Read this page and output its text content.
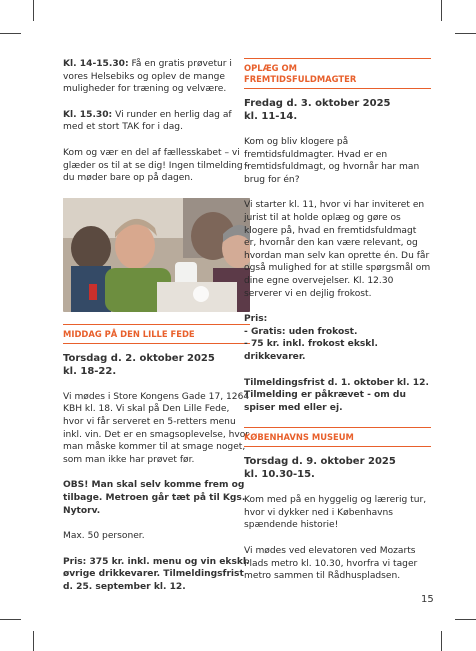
Kl. 14-15.30: Få en gratis prøvetur i vores Helsebiks og oplev de mange muligheder for træning og velvære.

Kl. 15.30: Vi runder en herlig dag af med et stort TAK for i dag.

Kom og vær en del af fællesskabet – vi glæder os til at se dig! Ingen tilmelding - du møder bare op på dagen.

MIDDAG PÅ DEN LILLE FEDE
Torsdag d. 2. oktober 2025
kl. 18-22.

Vi mødes i Store Kongens Gade 17, 1264 KBH kl. 18. Vi skal på Den Lille Fede, hvor vi får serveret en 5-retters menu inkl. vin. Det er en smagsoplevelse, hvor man måske kommer til at smage noget, som man ikke har prøvet før.

OBS! Man skal selv komme frem og tilbage. Metroen går tæt på til Kgs. Nytorv.

Max. 50 personer.

Pris: 375 kr. inkl. menu og vin ekskl. øvrige drikkevarer. Tilmeldingsfrist d. 25. september kl. 12.

OPLÆG OM
FREMTIDSFULDMAGTER
Fredag d. 3. oktober 2025
kl. 11-14.

Kom og bliv klogere på fremtidsfuldmagter. Hvad er en fremtidsfuldmagt, og hvornår har man brug for én?

Vi starter kl. 11, hvor vi har inviteret en jurist til at holde oplæg og gøre os klogere på, hvad en fremtidsfuldmagt er, hvornår den kan være relevant, og hvordan man selv kan oprette én. Du får også mulighed for at stille spørgsmål om dine egne overvejelser. Kl. 12.30 serverer vi en dejlig frokost.

Pris:
- Gratis: uden frokost.
- 75 kr. inkl. frokost ekskl. drikkevarer.

Tilmeldingsfrist d. 1. oktober kl. 12. Tilmelding er påkrævet - om du spiser med eller ej.

KØBENHAVNS MUSEUM
Torsdag d. 9. oktober 2025
kl. 10.30-15.

Kom med på en hyggelig og lærerig tur, hvor vi dykker ned i Københavns spændende historie!

Vi mødes ved elevatoren ved Mozarts Plads metro kl. 10.30, hvorfra vi tager metro sammen til Rådhuspladsen.

15
